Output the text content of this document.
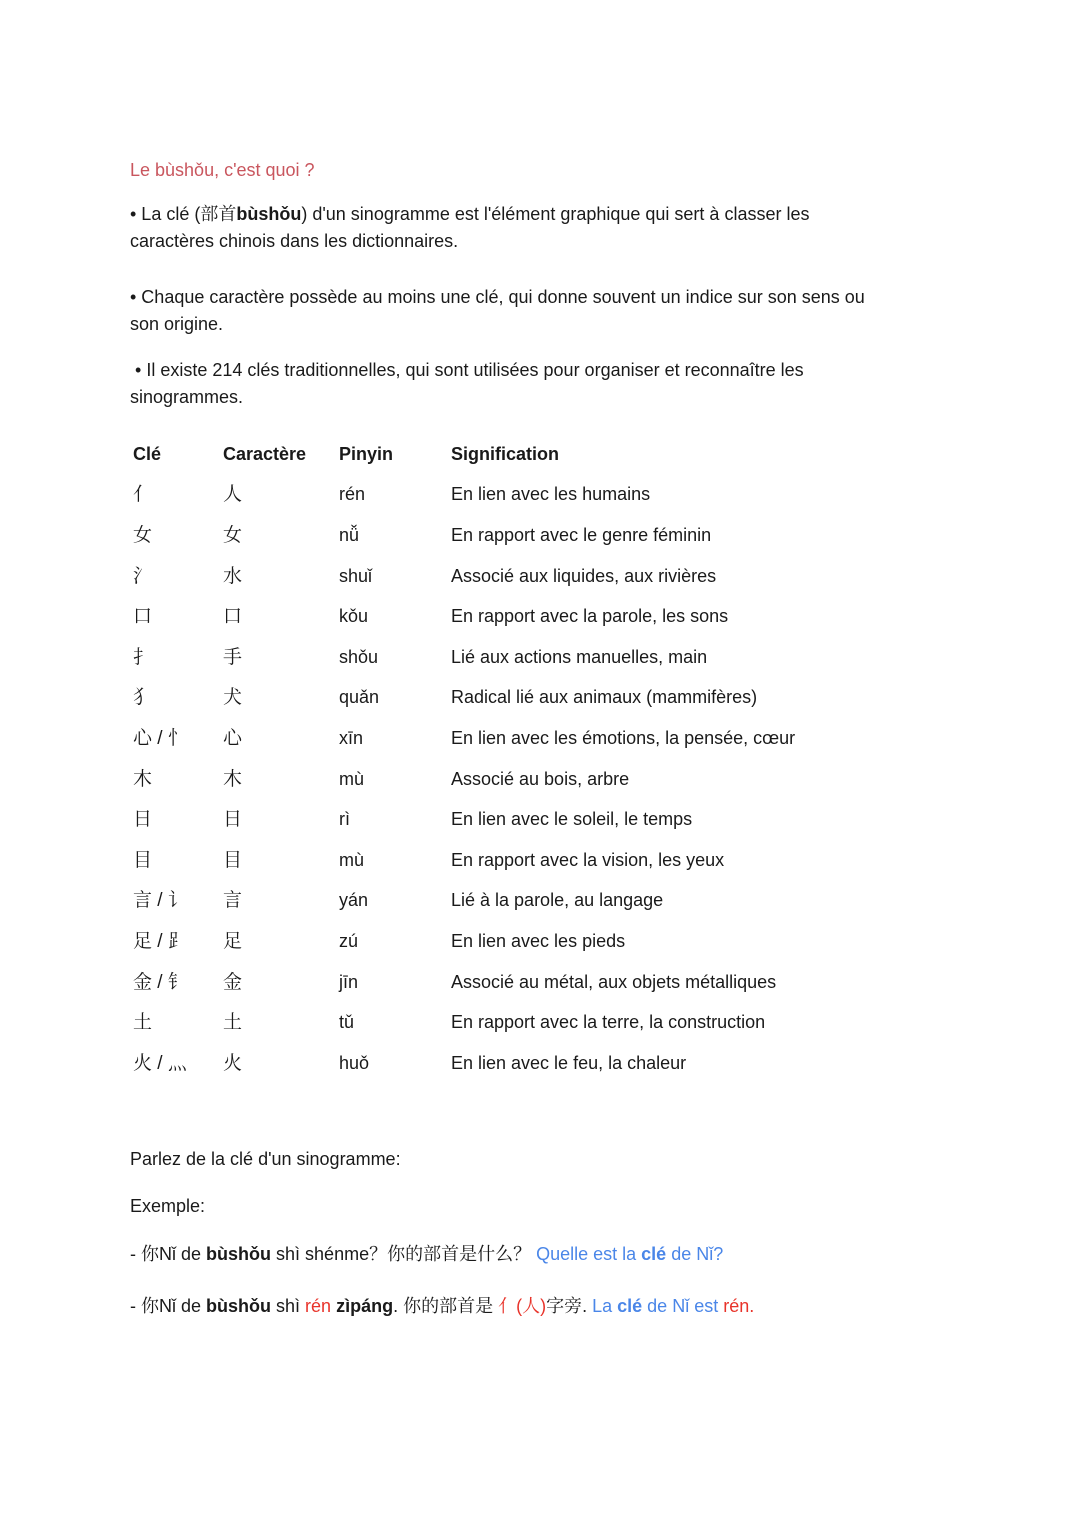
Le bùshǒu, c'est quoi ?

• La clé (部首bùshǒu) d'un sinogramme est l'élément graphique qui sert à classer les
caractères chinois dans les dictionnaires.

• Chaque caractère possède au moins une clé, qui donne souvent un indice sur son sens ou
son origine.

• Il existe 214 clés traditionnelles, qui sont utilisées pour organiser et reconnaître les
sinogrammes.

Clé	Caractère	Pinyin	Signification
亻	人	rén	En lien avec les humains
女	女	nǚ	En rapport avec le genre féminin
氵	水	shuǐ	Associé aux liquides, aux rivières
口	口	kǒu	En rapport avec la parole, les sons
扌	手	shǒu	Lié aux actions manuelles, main
犭	犬	quǎn	Radical lié aux animaux (mammifères)
心 / 忄	心	xīn	En lien avec les émotions, la pensée, cœur
木	木	mù	Associé au bois, arbre
日	日	rì	En lien avec le soleil, le temps
目	目	mù	En rapport avec la vision, les yeux
言 / 讠	言	yán	Lié à la parole, au langage
足 / ⻊	足	zú	En lien avec les pieds
金 / 钅	金	jīn	Associé au métal, aux objets métalliques
土	土	tǔ	En rapport avec la terre, la construction
火 / 灬	火	huǒ	En lien avec le feu, la chaleur

Parlez de la clé d'un sinogramme:

Exemple:

- 你Nǐ de bùshǒu shì shénme？你的部首是什么？ Quelle est la clé de Nǐ?

- 你Nǐ de bùshǒu shì rén zìpáng. 你的部首是 亻(人)字旁. La clé de Nǐ est rén.
